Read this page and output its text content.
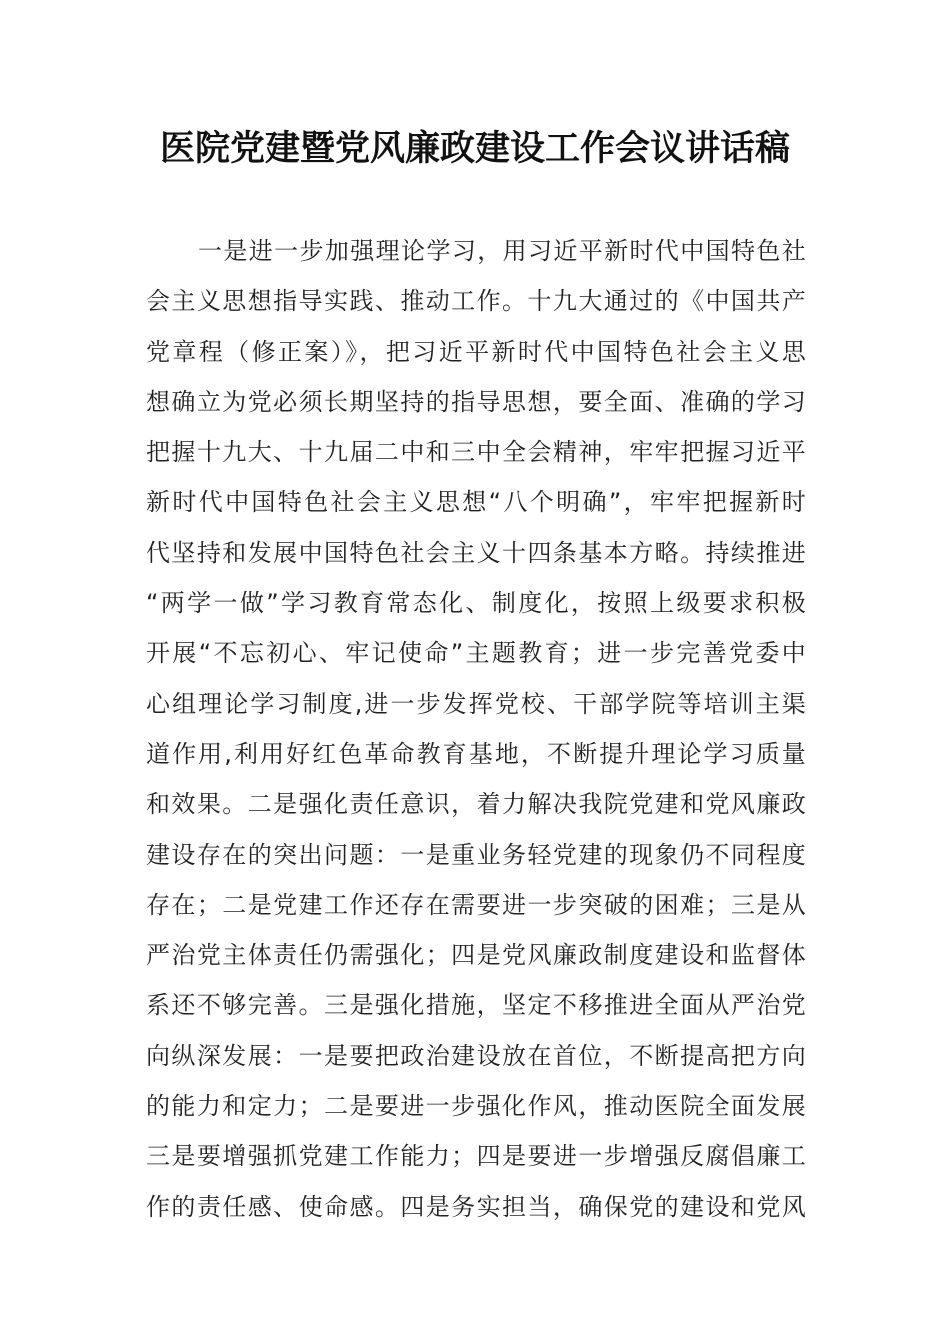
医院党建暨党风廉政建设工作会议讲话稿
一是进一步加强理论学习，用习近平新时代中国特色社
会主义思想指导实践、推动工作。十九大通过的《中国共产
党章程（修正案）》，把习近平新时代中国特色社会主义思
想确立为党必须长期坚持的指导思想，要全面、准确的学习
把握十九大、十九届二中和三中全会精神，牢牢把握习近平
新时代中国特色社会主义思想“八个明确”，牢牢把握新时
代坚持和发展中国特色社会主义十四条基本方略。持续推进
“两学一做”学习教育常态化、制度化，按照上级要求积极
开展“不忘初心、牢记使命”主题教育；进一步完善党委中
心组理论学习制度,进一步发挥党校、干部学院等培训主渠
道作用,利用好红色革命教育基地，不断提升理论学习质量
和效果。二是强化责任意识，着力解决我院党建和党风廉政
建设存在的突出问题：一是重业务轻党建的现象仍不同程度
存在；二是党建工作还存在需要进一步突破的困难；三是从
严治党主体责任仍需强化；四是党风廉政制度建设和监督体
系还不够完善。三是强化措施，坚定不移推进全面从严治党
向纵深发展：一是要把政治建设放在首位，不断提高把方向
的能力和定力；二是要进一步强化作风，推动医院全面发展
三是要增强抓党建工作能力；四是要进一步增强反腐倡廉工
作的责任感、使命感。四是务实担当，确保党的建设和党风
